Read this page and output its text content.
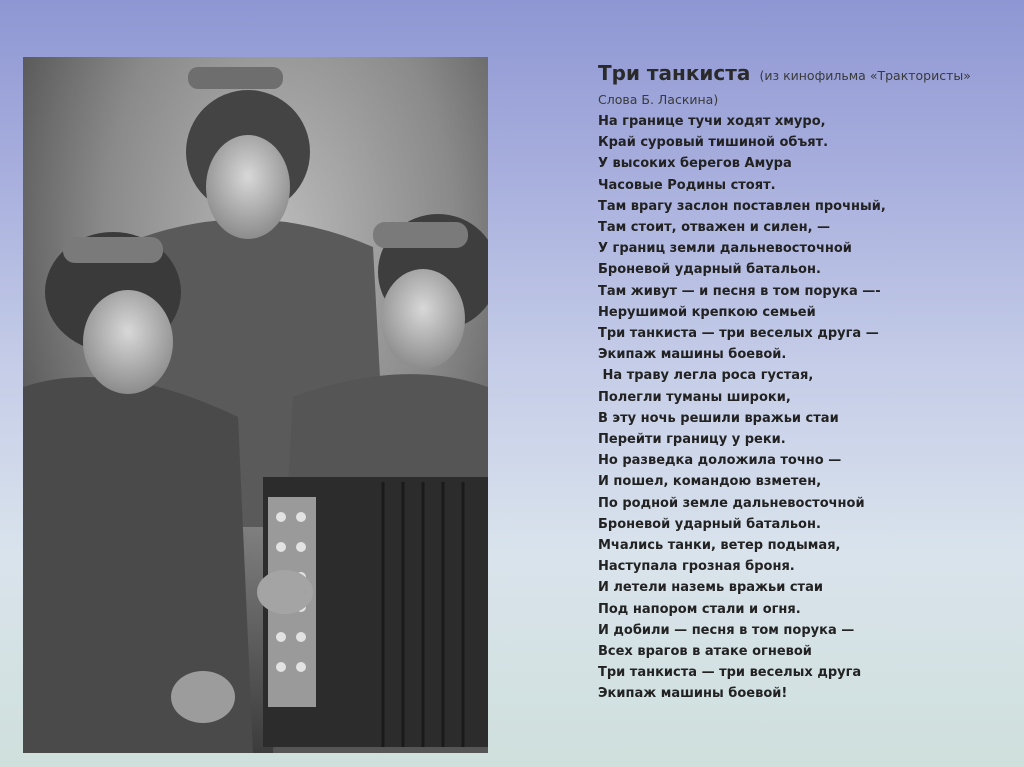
Три танкиста (из кинофильма «Трактористы»
Слова Б. Ласкина)
На границе тучи ходят хмуро,
Край суровый тишиной объят.
У высоких берегов Амура
Часовые Родины стоят.
Там врагу заслон поставлен прочный,
Там стоит, отважен и силен, —
У границ земли дальневосточной
Броневой ударный батальон.
Там живут — и песня в том порука —-
Нерушимой крепкою семьей
Три танкиста — три веселых друга —
Экипаж машины боевой.
На траву легла роса густая,
Полегли туманы широки,
В эту ночь решили вражьи стаи
Перейти границу у реки.
Но разведка доложила точно —
И пошел, командою взметен,
По родной земле дальневосточной
Броневой ударный батальон.
Мчались танки, ветер подымая,
Наступала грозная броня.
И летели наземь вражьи стаи
Под напором стали и огня.
И добили — песня в том порука —
Всех врагов в атаке огневой
Три танкиста — три веселых друга
Экипаж машины боевой!
